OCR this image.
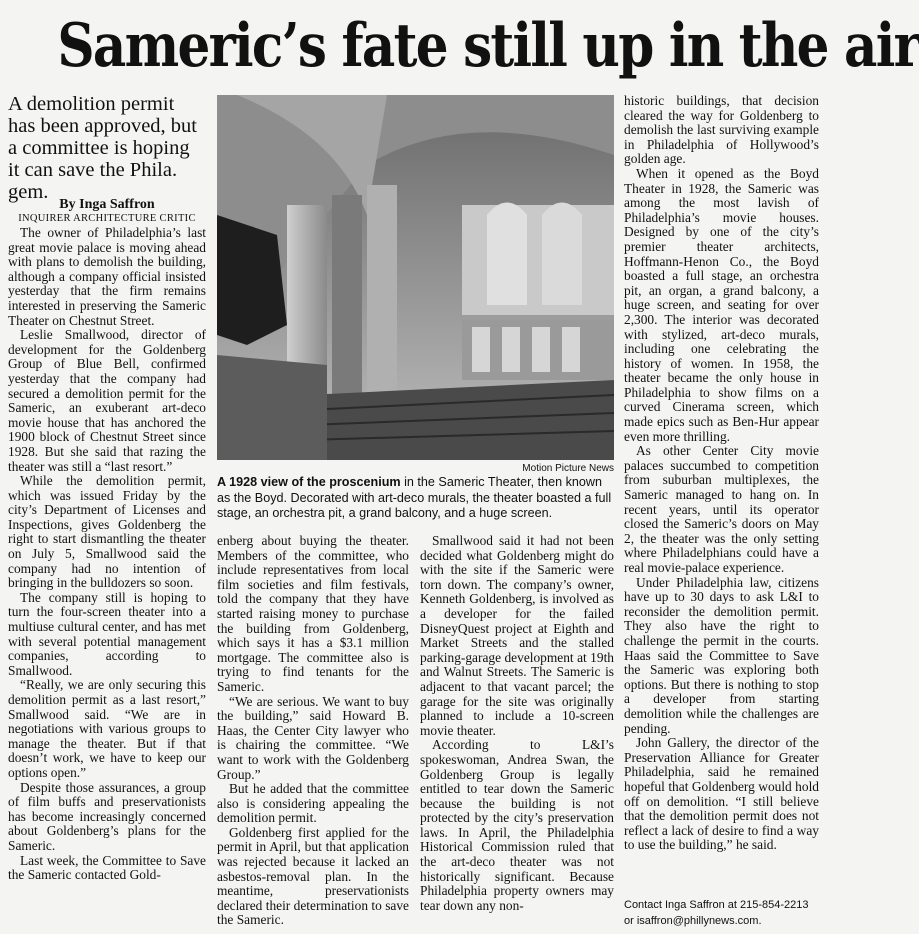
Sameric’s fate still up in the air
A demolition permit has been approved, but a committee is hoping it can save the Phila. gem.
By Inga Saffron
INQUIRER ARCHITECTURE CRITIC

The owner of Philadelphia’s last great movie palace is moving ahead with plans to demolish the building, although a company official insisted yesterday that the firm remains interested in preserving the Sameric Theater on Chestnut Street.

Leslie Smallwood, director of development for the Goldenberg Group of Blue Bell, confirmed yesterday that the company had secured a demolition permit for the Sameric, an exuberant art-deco movie house that has anchored the 1900 block of Chestnut Street since 1928. But she said that razing the theater was still a “last resort.”

While the demolition permit, which was issued Friday by the city’s Department of Licenses and Inspections, gives Goldenberg the right to start dismantling the theater on July 5, Smallwood said the company had no intention of bringing in the bulldozers so soon.

The company still is hoping to turn the four-screen theater into a multiuse cultural center, and has met with several potential management companies, according to Smallwood.

“Really, we are only securing this demolition permit as a last resort,” Smallwood said. “We are in negotiations with various groups to manage the theater. But if that doesn’t work, we have to keep our options open.”

Despite those assurances, a group of film buffs and preservationists has become increasingly concerned about Goldenberg’s plans for the Sameric.

Last week, the Committee to Save the Sameric contacted Gold-

Motion Picture News
A 1928 view of the proscenium in the Sameric Theater, then known as the Boyd. Decorated with art-deco murals, the theater boasted a full stage, an orchestra pit, a grand balcony, and a huge screen.

enberg about buying the theater. Members of the committee, who include representatives from local film societies and film festivals, told the company that they have started raising money to purchase the building from Goldenberg, which says it has a $3.1 million mortgage. The committee also is trying to find tenants for the Sameric.

“We are serious. We want to buy the building,” said Howard B. Haas, the Center City lawyer who is chairing the committee. “We want to work with the Goldenberg Group.”

But he added that the committee also is considering appealing the demolition permit.

Goldenberg first applied for the permit in April, but that application was rejected because it lacked an asbestos-removal plan. In the meantime, preservationists declared their determination to save the Sameric.

Smallwood said it had not been decided what Goldenberg might do with the site if the Sameric were torn down. The company’s owner, Kenneth Goldenberg, is involved as a developer for the failed DisneyQuest project at Eighth and Market Streets and the stalled parking-garage development at 19th and Walnut Streets. The Sameric is adjacent to that vacant parcel; the garage for the site was originally planned to include a 10-screen movie theater.

According to L&I’s spokeswoman, Andrea Swan, the Goldenberg Group is legally entitled to tear down the Sameric because the building is not protected by the city’s preservation laws. In April, the Philadelphia Historical Commission ruled that the art-deco theater was not historically significant. Because Philadelphia property owners may tear down any non-

historic buildings, that decision cleared the way for Goldenberg to demolish the last surviving example in Philadelphia of Hollywood’s golden age.

When it opened as the Boyd Theater in 1928, the Sameric was among the most lavish of Philadelphia’s movie houses. Designed by one of the city’s premier theater architects, Hoffmann-Henon Co., the Boyd boasted a full stage, an orchestra pit, an organ, a grand balcony, a huge screen, and seating for over 2,300. The interior was decorated with stylized, art-deco murals, including one celebrating the history of women. In 1958, the theater became the only house in Philadelphia to show films on a curved Cinerama screen, which made epics such as Ben-Hur appear even more thrilling.

As other Center City movie palaces succumbed to competition from suburban multiplexes, the Sameric managed to hang on. In recent years, until its operator closed the Sameric’s doors on May 2, the theater was the only setting where Philadelphians could have a real movie-palace experience.

Under Philadelphia law, citizens have up to 30 days to ask L&I to reconsider the demolition permit. They also have the right to challenge the permit in the courts. Haas said the Committee to Save the Sameric was exploring both options. But there is nothing to stop a developer from starting demolition while the challenges are pending.

John Gallery, the director of the Preservation Alliance for Greater Philadelphia, said he remained hopeful that Goldenberg would hold off on demolition. “I still believe that the demolition permit does not reflect a lack of desire to find a way to use the building,” he said.

Contact Inga Saffron at 215-854-2213
or isaffron@phillynews.com.
